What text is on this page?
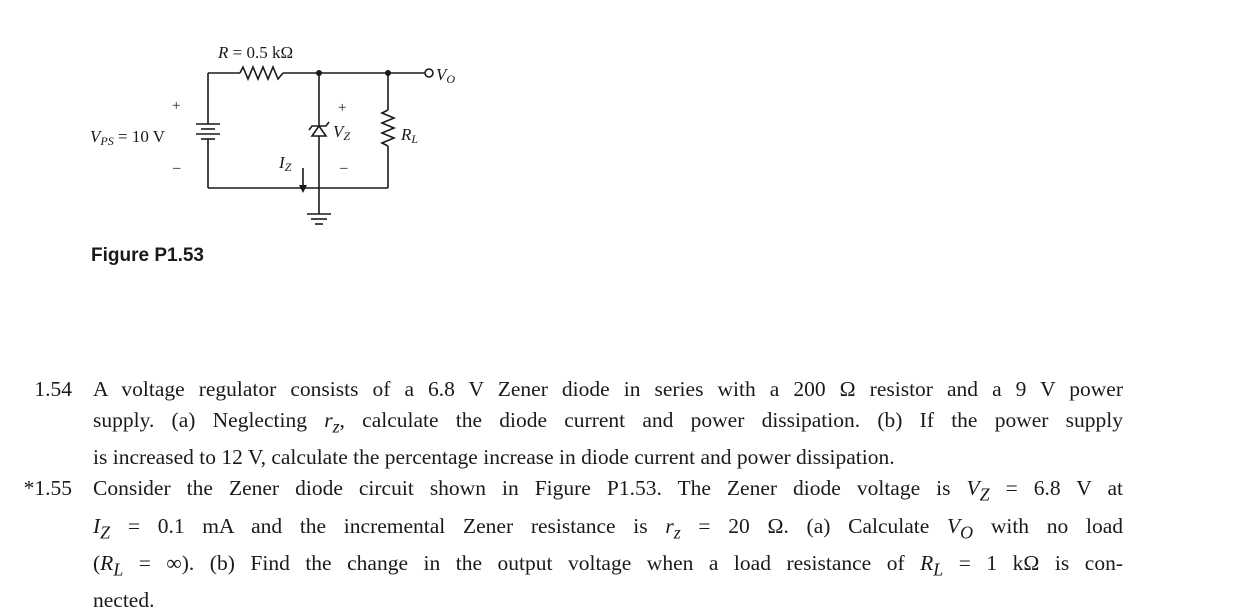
R = 0.5 kΩ
VO
VPS = 10 V
+
–
+
VZ
–
IZ
RL
Figure P1.53
1.54 A voltage regulator consists of a 6.8 V Zener diode in series with a 200 Ω resistor and a 9 V power
supply. (a) Neglecting $r_z$, calculate the diode current and power dissipation. (b) If the power supply
is increased to 12 V, calculate the percentage increase in diode current and power dissipation.
*1.55 Consider the Zener diode circuit shown in Figure P1.53. The Zener diode voltage is $V_Z = 6.8$ V at
$I_Z = 0.1$ mA and the incremental Zener resistance is $r_z = 20$ Ω. (a) Calculate $V_O$ with no load
($R_L$ = ∞). (b) Find the change in the output voltage when a load resistance of $R_L = 1$ kΩ is con-
nected.
